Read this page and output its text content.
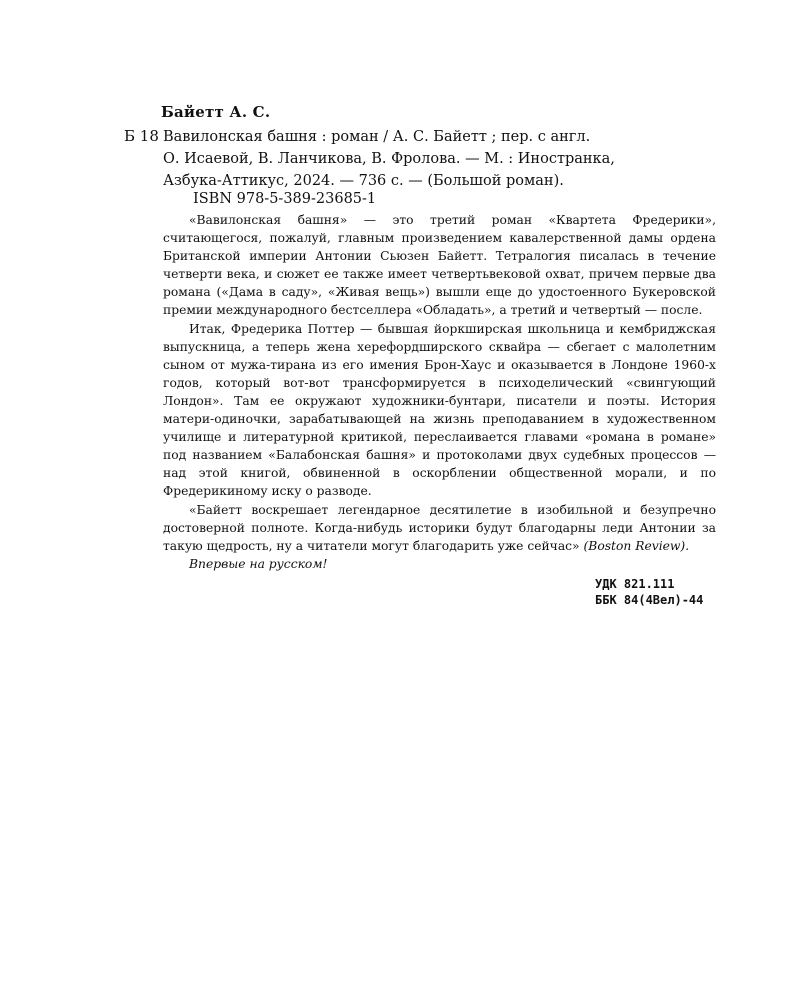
Байетт А. С.
Б 18 Вавилонская башня : роман / А. С. Байетт ; пер. с англ.
О. Исаевой, В. Ланчикова, В. Фролова. — М. : Иностранка,
Азбука-Аттикус, 2024. — 736 с. — (Большой роман).
ISBN 978-5-389-23685-1

«Вавилонская башня» — это третий роман «Квартета Фредерики», считающегося, пожалуй, главным произведением кавалерственной дамы ордена Британской империи Антонии Сьюзен Байетт. Тетралогия писалась в течение четверти века, и сюжет ее также имеет четвертьвековой охват, причем первые два романа («Дама в саду», «Живая вещь») вышли еще до удостоенного Букеровской премии международного бестселлера «Обладать», а третий и четвертый — после.

Итак, Фредерика Поттер — бывшая йоркширская школьница и кембриджская выпускница, а теперь жена херефордширского сквайра — сбегает с малолетним сыном от мужа-тирана из его имения Брон-Хаус и оказывается в Лондоне 1960-х годов, который вот-вот трансформируется в психоделический «свингующий Лондон». Там ее окружают художники-бунтари, писатели и поэты. История матери-одиночки, зарабатывающей на жизнь преподаванием в художественном училище и литературной критикой, переслаивается главами «романа в романе» под названием «Балабонская башня» и протоколами двух судебных процессов — над этой книгой, обвиненной в оскорблении общественной морали, и по Фредерикиному иску о разводе.

«Байетт воскрешает легендарное десятилетие в изобильной и безупречно достоверной полноте. Когда-нибудь историки будут благодарны леди Антонии за такую щедрость, ну а читатели могут благодарить уже сейчас» (Boston Review).

Впервые на русском!

УДК 821.111
ББК 84(4Вел)-44
